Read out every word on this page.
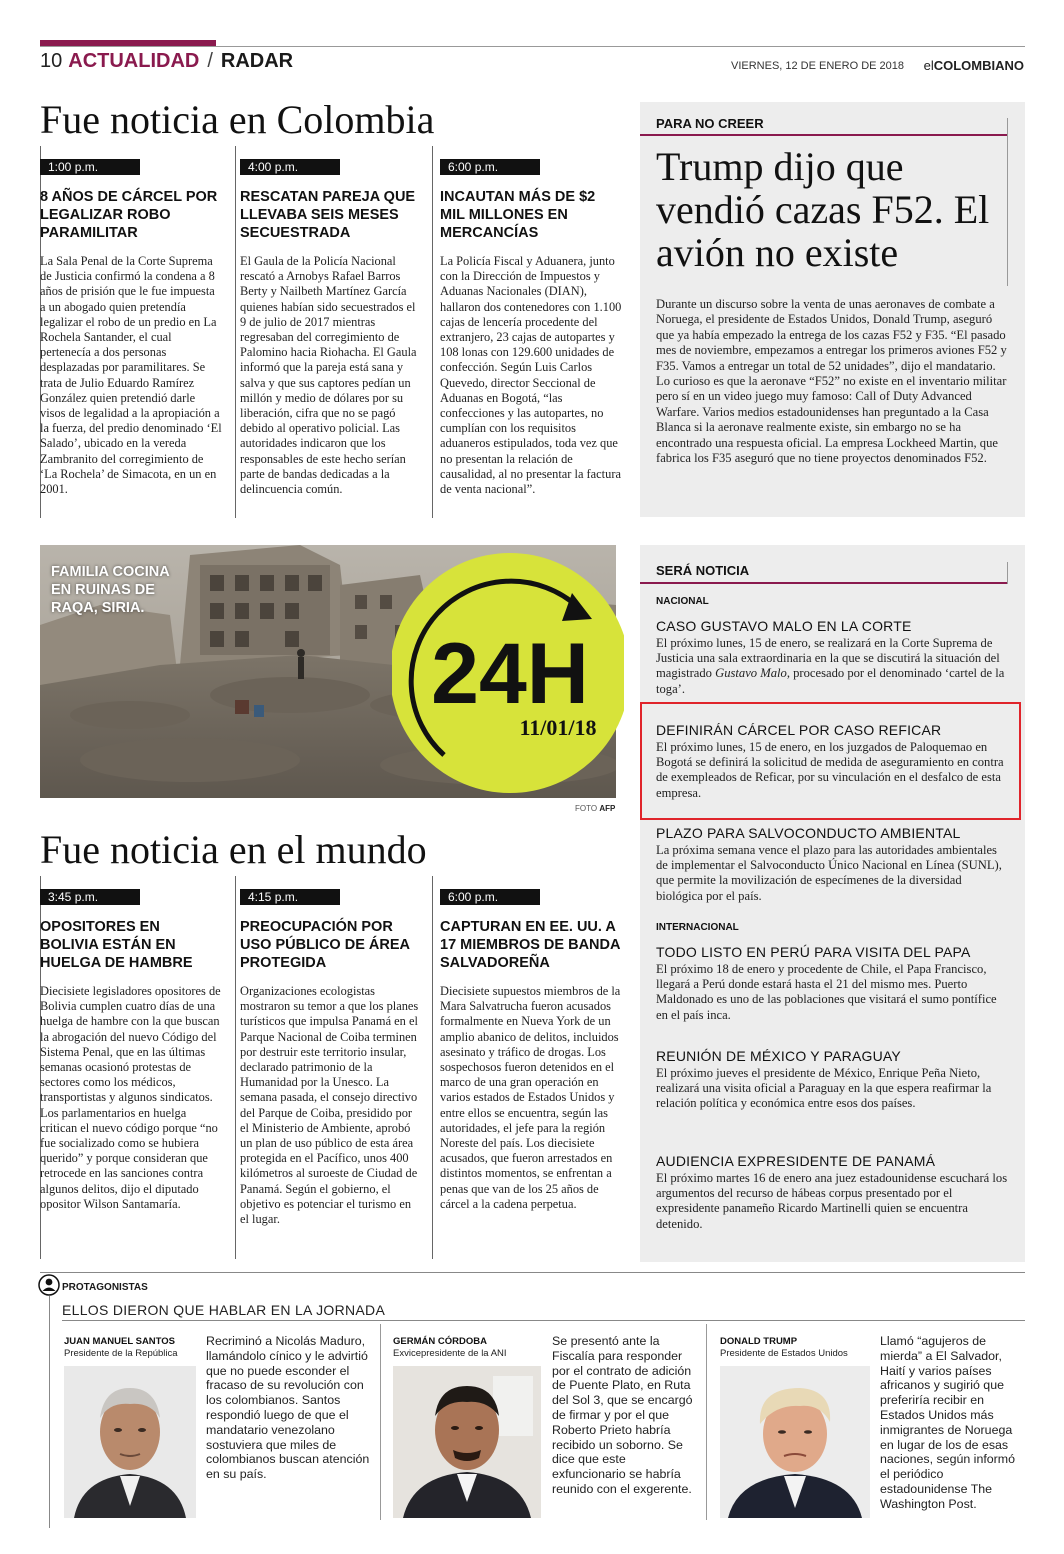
10 ACTUALIDAD / RADAR	VIERNES, 12 DE ENERO DE 2018 elCOLOMBIANO
Fue noticia en Colombia
1:00 p.m.
8 AÑOS DE CÁRCEL POR LEGALIZAR ROBO PARAMILITAR

La Sala Penal de la Corte Suprema de Justicia confirmó la condena a 8 años de prisión que le fue impuesta a un abogado quien pretendía legalizar el robo de un predio en La Rochela Santander, el cual pertenecía a dos personas desplazadas por paramilitares. Se trata de Julio Eduardo Ramírez González quien pretendió darle visos de legalidad a la apropiación a la fuerza, del predio denominado ‘El Salado’, ubicado en la vereda Zambranito del corregimiento de ‘La Rochela’ de Simacota, en un en 2001.

4:00 p.m.
RESCATAN PAREJA QUE LLEVABA SEIS MESES SECUESTRADA

El Gaula de la Policía Nacional rescató a Arnobys Rafael Barros Berty y Nailbeth Martínez García quienes habían sido secuestrados el 9 de julio de 2017 mientras regresaban del corregimiento de Palomino hacia Riohacha. El Gaula informó que la pareja está sana y salva y que sus captores pedían un millón y medio de dólares por su liberación, cifra que no se pagó debido al operativo policial. Las autoridades indicaron que los responsables de este hecho serían parte de bandas dedicadas a la delincuencia común.

6:00 p.m.
INCAUTAN MÁS DE $2 MIL MILLONES EN MERCANCÍAS

La Policía Fiscal y Aduanera, junto con la Dirección de Impuestos y Aduanas Nacionales (DIAN), hallaron dos contenedores con 1.100 cajas de lencería procedente del extranjero, 23 cajas de autopartes y 108 lonas con 129.600 unidades de confección. Según Luis Carlos Quevedo, director Seccional de Aduanas en Bogotá, “las confecciones y las autopartes, no cumplían con los requisitos aduaneros estipulados, toda vez que no presentan la relación de causalidad, al no presentar la factura de venta nacional”.

PARA NO CREER
Trump dijo que vendió cazas F52. El avión no existe
Durante un discurso sobre la venta de unas aeronaves de combate a Noruega, el presidente de Estados Unidos, Donald Trump, aseguró que ya había empezado la entrega de los cazas F52 y F35. “El pasado mes de noviembre, empezamos a entregar los primeros aviones F52 y F35. Vamos a entregar un total de 52 unidades”, dijo el mandatario. Lo curioso es que la aeronave “F52” no existe en el inventario militar pero sí en un video juego muy famoso: Call of Duty Advanced Warfare. Varios medios estadounidenses han preguntado a la Casa Blanca si la aeronave realmente existe, sin embargo no se ha encontrado una respuesta oficial. La empresa Lockheed Martin, que fabrica los F35 aseguró que no tiene proyectos denominados F52.
FAMILIA COCINA
EN RUINAS DE
RAQA, SIRIA.
24H
11/01/18
FOTO AFP
SERÁ NOTICIA
NACIONAL
CASO GUSTAVO MALO EN LA CORTE

El próximo lunes, 15 de enero, se realizará en la Corte Suprema de Justicia una sala extraordinaria en la que se discutirá la situación del magistrado Gustavo Malo, procesado por el denominado ‘cartel de la toga’.

DEFINIRÁN CÁRCEL POR CASO REFICAR

El próximo lunes, 15 de enero, en los juzgados de Paloquemao en Bogotá se definirá la solicitud de medida de aseguramiento en contra de exempleados de Reficar, por su vinculación en el desfalco de esta empresa.

PLAZO PARA SALVOCONDUCTO AMBIENTAL

La próxima semana vence el plazo para las autoridades ambientales de implementar el Salvoconducto Único Nacional en Línea (SUNL), que permite la movilización de especímenes de la diversidad biológica por el país.

INTERNACIONAL
TODO LISTO EN PERÚ PARA VISITA DEL PAPA

El próximo 18 de enero y procedente de Chile, el Papa Francisco, llegará a Perú donde estará hasta el 21 del mismo mes. Puerto Maldonado es uno de las poblaciones que visitará el sumo pontífice en el país inca.

REUNIÓN DE MÉXICO Y PARAGUAY

El próximo jueves el presidente de México, Enrique Peña Nieto, realizará una visita oficial a Paraguay en la que espera reafirmar la relación política y económica entre esos dos países.

AUDIENCIA EXPRESIDENTE DE PANAMÁ

El próximo martes 16 de enero ana juez estadounidense escuchará los argumentos del recurso de hábeas corpus presentado por el expresidente panameño Ricardo Martinelli quien se encuentra detenido.

Fue noticia en el mundo
3:45 p.m.
OPOSITORES EN BOLIVIA ESTÁN EN HUELGA DE HAMBRE

Diecisiete legisladores opositores de Bolivia cumplen cuatro días de una huelga de hambre con la que buscan la abrogación del nuevo Código del Sistema Penal, que en las últimas semanas ocasionó protestas de sectores como los médicos, transportistas y algunos sindicatos. Los parlamentarios en huelga critican el nuevo código porque “no fue socializado como se hubiera querido” y porque consideran que retrocede en las sanciones contra algunos delitos, dijo el diputado opositor Wilson Santamaría.

4:15 p.m.
PREOCUPACIÓN POR USO PÚBLICO DE ÁREA PROTEGIDA

Organizaciones ecologistas mostraron su temor a que los planes turísticos que impulsa Panamá en el Parque Nacional de Coiba terminen por destruir este territorio insular, declarado patrimonio de la Humanidad por la Unesco. La semana pasada, el consejo directivo del Parque de Coiba, presidido por el Ministerio de Ambiente, aprobó un plan de uso público de esta área protegida en el Pacífico, unos 400 kilómetros al suroeste de Ciudad de Panamá. Según el gobierno, el objetivo es potenciar el turismo en el lugar.

6:00 p.m.
CAPTURAN EN EE. UU. A 17 MIEMBROS DE BANDA SALVADOREÑA

Diecisiete supuestos miembros de la Mara Salvatrucha fueron acusados formalmente en Nueva York de un amplio abanico de delitos, incluidos asesinato y tráfico de drogas. Los sospechosos fueron detenidos en el marco de una gran operación en varios estados de Estados Unidos y entre ellos se encuentra, según las autoridades, el jefe para la región Noreste del país. Los diecisiete acusados, que fueron arrestados en distintos momentos, se enfrentan a penas que van de los 25 años de cárcel a la cadena perpetua.

PROTAGONISTAS
ELLOS DIERON QUE HABLAR EN LA JORNADA
JUAN MANUEL SANTOS
Presidente de la República
Recriminó a Nicolás Maduro, llamándolo cínico y le advirtió que no puede esconder el fracaso de su revolución con los colombianos. Santos respondió luego de que el mandatario venezolano sostuviera que miles de colombianos buscan atención en su país.
GERMÁN CÓRDOBA
Exvicepresidente de la ANI
Se presentó ante la Fiscalía para responder por el contrato de adición de Puente Plato, en Ruta del Sol 3, que se encargó de firmar y por el que Roberto Prieto habría recibido un soborno. Se dice que este exfuncionario se habría reunido con el exgerente.
DONALD TRUMP
Presidente de Estados Unidos
Llamó “agujeros de mierda” a El Salvador, Haití y varios países africanos y sugirió que preferiría recibir en Estados Unidos más inmigrantes de Noruega en lugar de los de esas naciones, según informó el periódico estadounidense The Washington Post.
